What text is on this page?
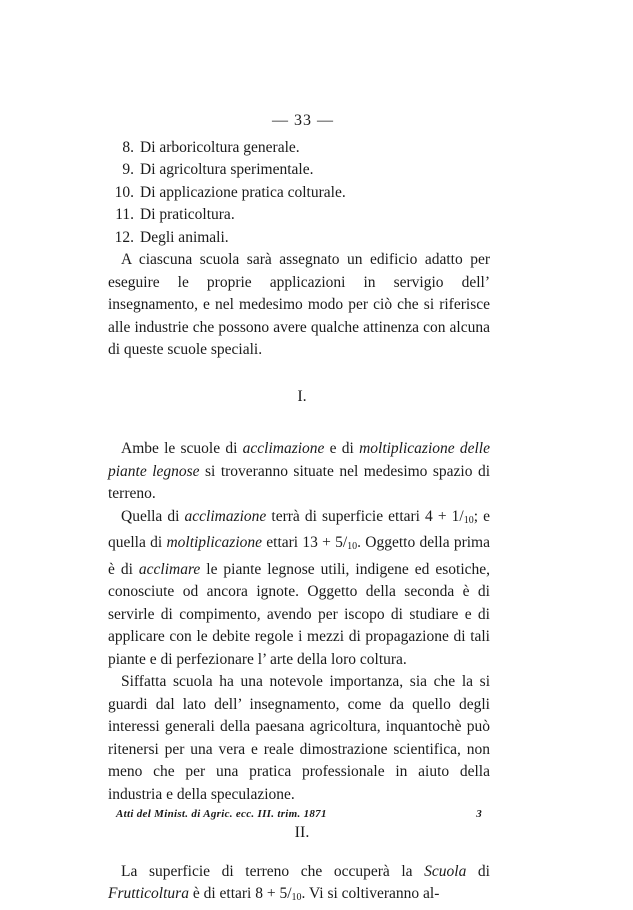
— 33 —
8. Di arboricoltura generale.
9. Di agricoltura sperimentale.
10. Di applicazione pratica colturale.
11. Di praticoltura.
12. Degli animali.

A ciascuna scuola sarà assegnato un edificio adatto per eseguire le proprie applicazioni in servigio dell’ insegnamento, e nel medesimo modo per ciò che si riferisce alle industrie che possono avere qualche attinenza con alcuna di queste scuole speciali.

I.

Ambe le scuole di acclimazione e di moltiplicazione delle piante legnose si troveranno situate nel medesimo spazio di terreno.

Quella di acclimazione terrà di superficie ettari $4 + 1/_{10}$; e quella di moltiplicazione ettari $13 + 5/_{10}$. Oggetto della prima è di acclimare le piante legnose utili, indigene ed esotiche, conosciute od ancora ignote. Oggetto della seconda è di servirle di compimento, avendo per iscopo di studiare e di applicare con le debite regole i mezzi di propagazione di tali piante e di perfezionare l’ arte della loro coltura.

Siffatta scuola ha una notevole importanza, sia che la si guardi dal lato dell’ insegnamento, come da quello degli interessi generali della paesana agricoltura, inquantochè può ritenersi per una vera e reale dimostrazione scientifica, non meno che per una pratica professionale in aiuto della industria e della speculazione.

II.

La superficie di terreno che occuperà la Scuola di Frutticoltura è di ettari $8 + 5/_{10}$. Vi si coltiveranno al-

Atti del Minist. di Agric. ecc. III. trim. 1871	3
